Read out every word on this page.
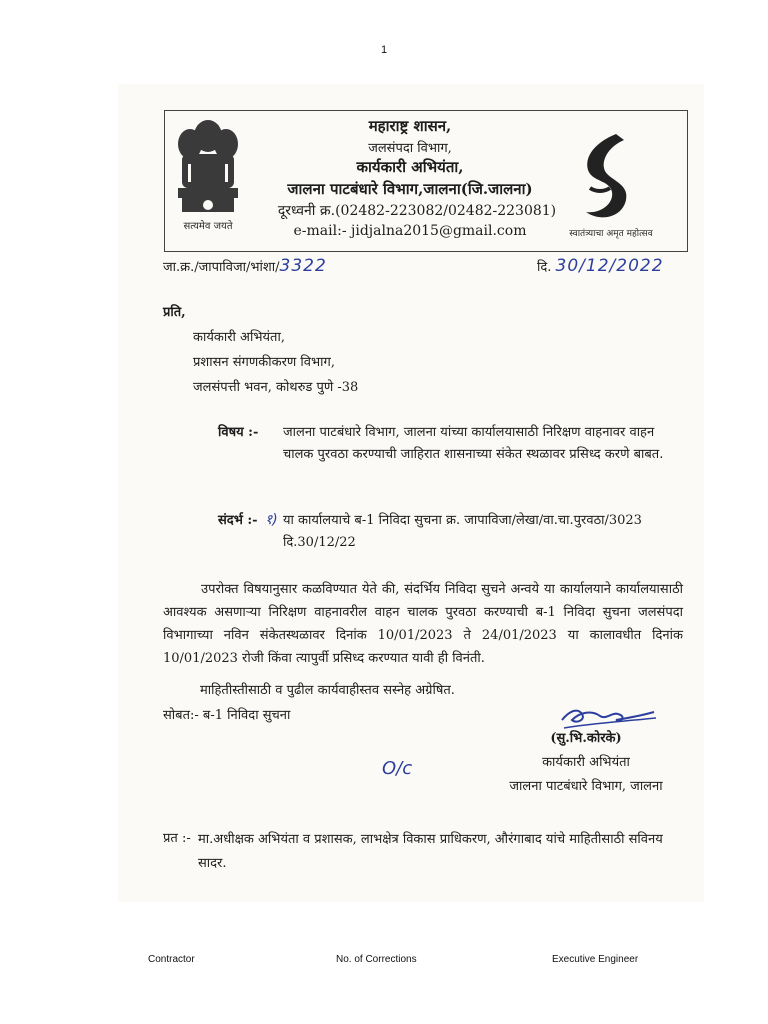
1
सत्यमेव जयते
स्वातंत्र्याचा अमृत महोत्सव
महाराष्ट्र शासन,
जलसंपदा विभाग,
कार्यकारी अभियंता,
जालना पाटबंधारे विभाग,जालना(जि.जालना)
दूरध्वनी क्र.(02482-223082/02482-223081)
e-mail:- jidjalna2015@gmail.com
जा.क्र./जापाविजा/भांशा/3322	दि. 30/12/2022
प्रति,
कार्यकारी अभियंता,
प्रशासन संगणकीकरण विभाग,
जलसंपत्ती भवन, कोथरुड पुणे -38
विषय :- जालना पाटबंधारे विभाग, जालना यांच्या कार्यालयासाठी निरिक्षण वाहनावर वाहन चालक पुरवठा करण्याची जाहिरात शासनाच्या संकेत स्थळावर प्रसिध्द करणे बाबत.
संदर्भ :- १) या कार्यालयाचे ब-1 निविदा सुचना क्र. जापाविजा/लेखा/वा.चा.पुरवठा/3023 दि.30/12/22
उपरोक्त विषयानुसार कळविण्यात येते की, संदर्भिय निविदा सुचने अन्वये या कार्यालयाने कार्यालयासाठी आवश्यक असणाऱ्या निरिक्षण वाहनावरील वाहन चालक पुरवठा करण्याची ब-1 निविदा सुचना जलसंपदा विभागाच्या नविन संकेतस्थळावर दिनांक 10/01/2023 ते 24/01/2023 या कालावधीत दिनांक 10/01/2023 रोजी किंवा त्यापुर्वी प्रसिध्द करण्यात यावी ही विनंती.
माहितीस्तीसाठी व पुढील कार्यवाहीस्तव सस्नेह अग्रेषित.
सोबत:- ब-1 निविदा सुचना
(सु.भि.कोरके)
कार्यकारी अभियंता
जालना पाटबंधारे विभाग, जालना
O/c
प्रत :- मा.अधीक्षक अभियंता व प्रशासक, लाभक्षेत्र विकास प्राधिकरण, औरंगाबाद यांचे माहितीसाठी सविनय सादर.
Contractor	No. of Corrections	Executive Engineer
